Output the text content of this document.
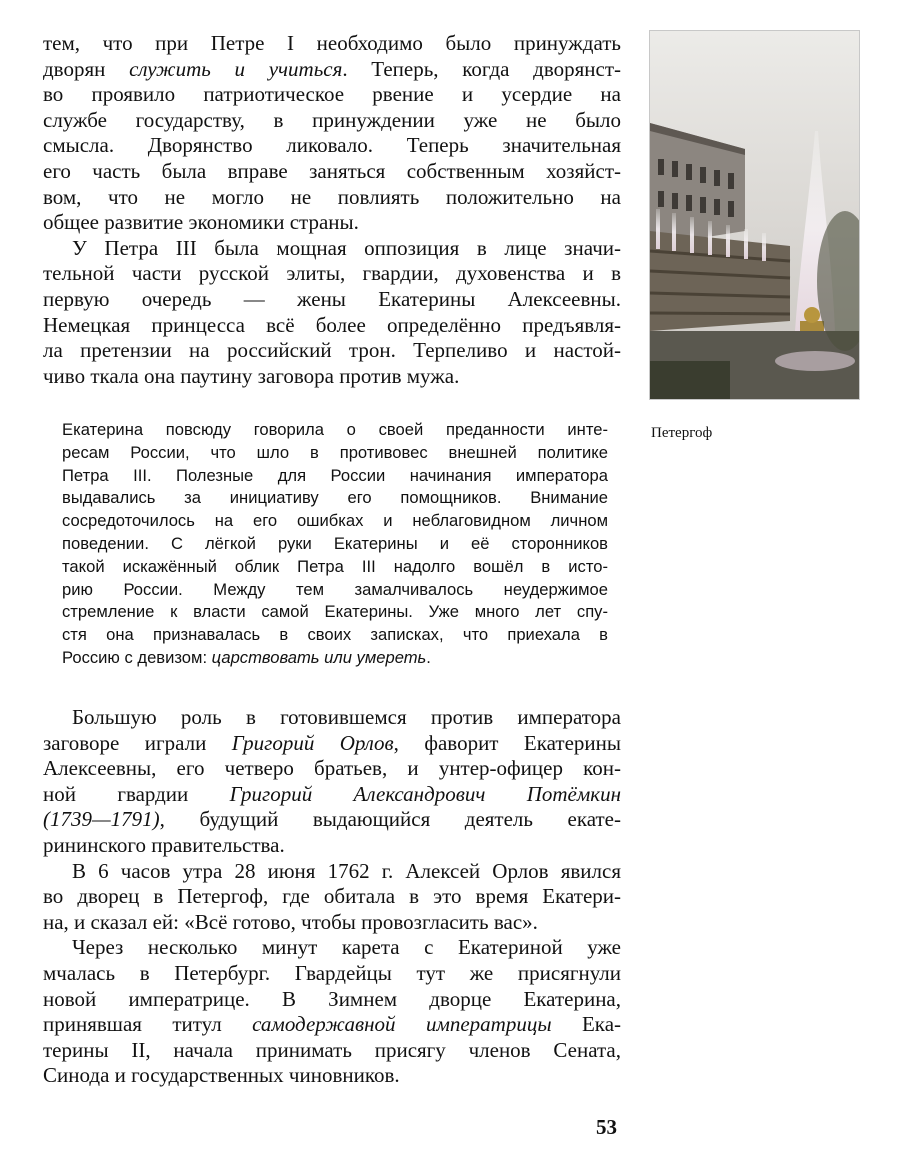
тем, что при Петре I необходимо было принуждать
дворян служить и учиться. Теперь, когда дворянст-
во проявило патриотическое рвение и усердие на
службе государству, в принуждении уже не было
смысла. Дворянство ликовало. Теперь значительная
его часть была вправе заняться собственным хозяйст-
вом, что не могло не повлиять положительно на
общее развитие экономики страны.
У Петра III была мощная оппозиция в лице значи-
тельной части русской элиты, гвардии, духовенства и в
первую очередь — жены Екатерины Алексеевны.
Немецкая принцесса всё более определённо предъявля-
ла претензии на российский трон. Терпеливо и настой-
чиво ткала она паутину заговора против мужа.
Петергоф
Екатерина повсюду говорила о своей преданности инте-
ресам России, что шло в противовес внешней политике
Петра III. Полезные для России начинания императора
выдавались за инициативу его помощников. Внимание
сосредоточилось на его ошибках и неблаговидном личном
поведении. С лёгкой руки Екатерины и её сторонников
такой искажённый облик Петра III надолго вошёл в исто-
рию России. Между тем замалчивалось неудержимое
стремление к власти самой Екатерины. Уже много лет спу-
стя она признавалась в своих записках, что приехала в
Россию с девизом: царствовать или умереть.
Большую роль в готовившемся против императора
заговоре играли Григорий Орлов, фаворит Екатерины
Алексеевны, его четверо братьев, и унтер-офицер кон-
ной гвардии Григорий Александрович Потёмкин
(1739—1791), будущий выдающийся деятель екате-
рининского правительства.
В 6 часов утра 28 июня 1762 г. Алексей Орлов явился
во дворец в Петергоф, где обитала в это время Екатери-
на, и сказал ей: «Всё готово, чтобы провозгласить вас».
Через несколько минут карета с Екатериной уже
мчалась в Петербург. Гвардейцы тут же присягнули
новой императрице. В Зимнем дворце Екатерина,
принявшая титул самодержавной императрицы Ека-
терины II, начала принимать присягу членов Сената,
Синода и государственных чиновников.
53
